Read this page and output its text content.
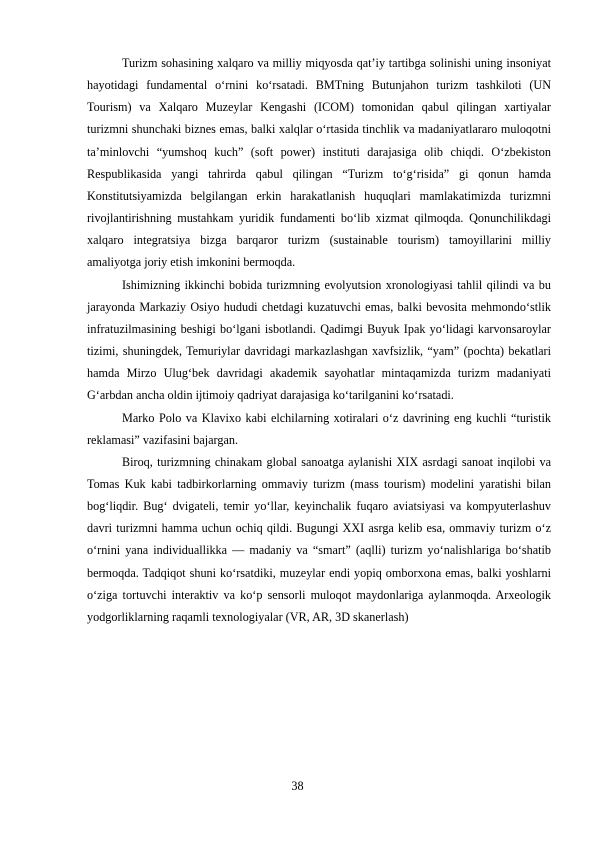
Turizm sohasining xalqaro va milliy miqyosda qat’iy tartibga solinishi uning insoniyat hayotidagi fundamental o‘rnini ko‘rsatadi. BMTning Butunjahon turizm tashkiloti (UN Tourism) va Xalqaro Muzeylar Kengashi (ICOM) tomonidan qabul qilingan xartiyalar turizmni shunchaki biznes emas, balki xalqlar o‘rtasida tinchlik va madaniyatlararo muloqotni ta’minlovchi “yumshoq kuch” (soft power) instituti darajasiga olib chiqdi. O‘zbekiston Respublikasida yangi tahrirda qabul qilingan “Turizm to‘g‘risida” gi qonun hamda Konstitutsiyamizda belgilangan erkin harakatlanish huquqlari mamlakatimizda turizmni rivojlantirishning mustahkam yuridik fundamenti bo‘lib xizmat qilmoqda. Qonunchilikdagi xalqaro integratsiya bizga barqaror turizm (sustainable tourism) tamoyillarini milliy amaliyotga joriy etish imkonini bermoqda.

Ishimizning ikkinchi bobida turizmning evolyutsion xronologiyasi tahlil qilindi va bu jarayonda Markaziy Osiyo hududi chetdagi kuzatuvchi emas, balki bevosita mehmondo‘stlik infratuzilmasining beshigi bo‘lgani isbotlandi. Qadimgi Buyuk Ipak yo‘lidagi karvonsaroylar tizimi, shuningdek, Temuriylar davridagi markazlashgan xavfsizlik, “yam” (pochta) bekatlari hamda Mirzo Ulug‘bek davridagi akademik sayohatlar mintaqamizda turizm madaniyati G‘arbdan ancha oldin ijtimoiy qadriyat darajasiga ko‘tarilganini ko‘rsatadi.

Marko Polo va Klavixo kabi elchilarning xotiralari o‘z davrining eng kuchli “turistik reklamasi” vazifasini bajargan.

Biroq, turizmning chinakam global sanoatga aylanishi XIX asrdagi sanoat inqilobi va Tomas Kuk kabi tadbirkorlarning ommaviy turizm (mass tourism) modelini yaratishi bilan bog‘liqdir. Bug‘ dvigateli, temir yo‘llar, keyinchalik fuqaro aviatsiyasi va kompyuterlashuv davri turizmni hamma uchun ochiq qildi. Bugungi XXI asrga kelib esa, ommaviy turizm o‘z o‘rnini yana individuallikka — madaniy va “smart” (aqlli) turizm yo‘nalishlariga bo‘shatib bermoqda. Tadqiqot shuni ko‘rsatdiki, muzeylar endi yopiq omborxona emas, balki yoshlarni o‘ziga tortuvchi interaktiv va ko‘p sensorli muloqot maydonlariga aylanmoqda. Arxeologik yodgorliklarning raqamli texnologiyalar (VR, AR, 3D skanerlash)

38
